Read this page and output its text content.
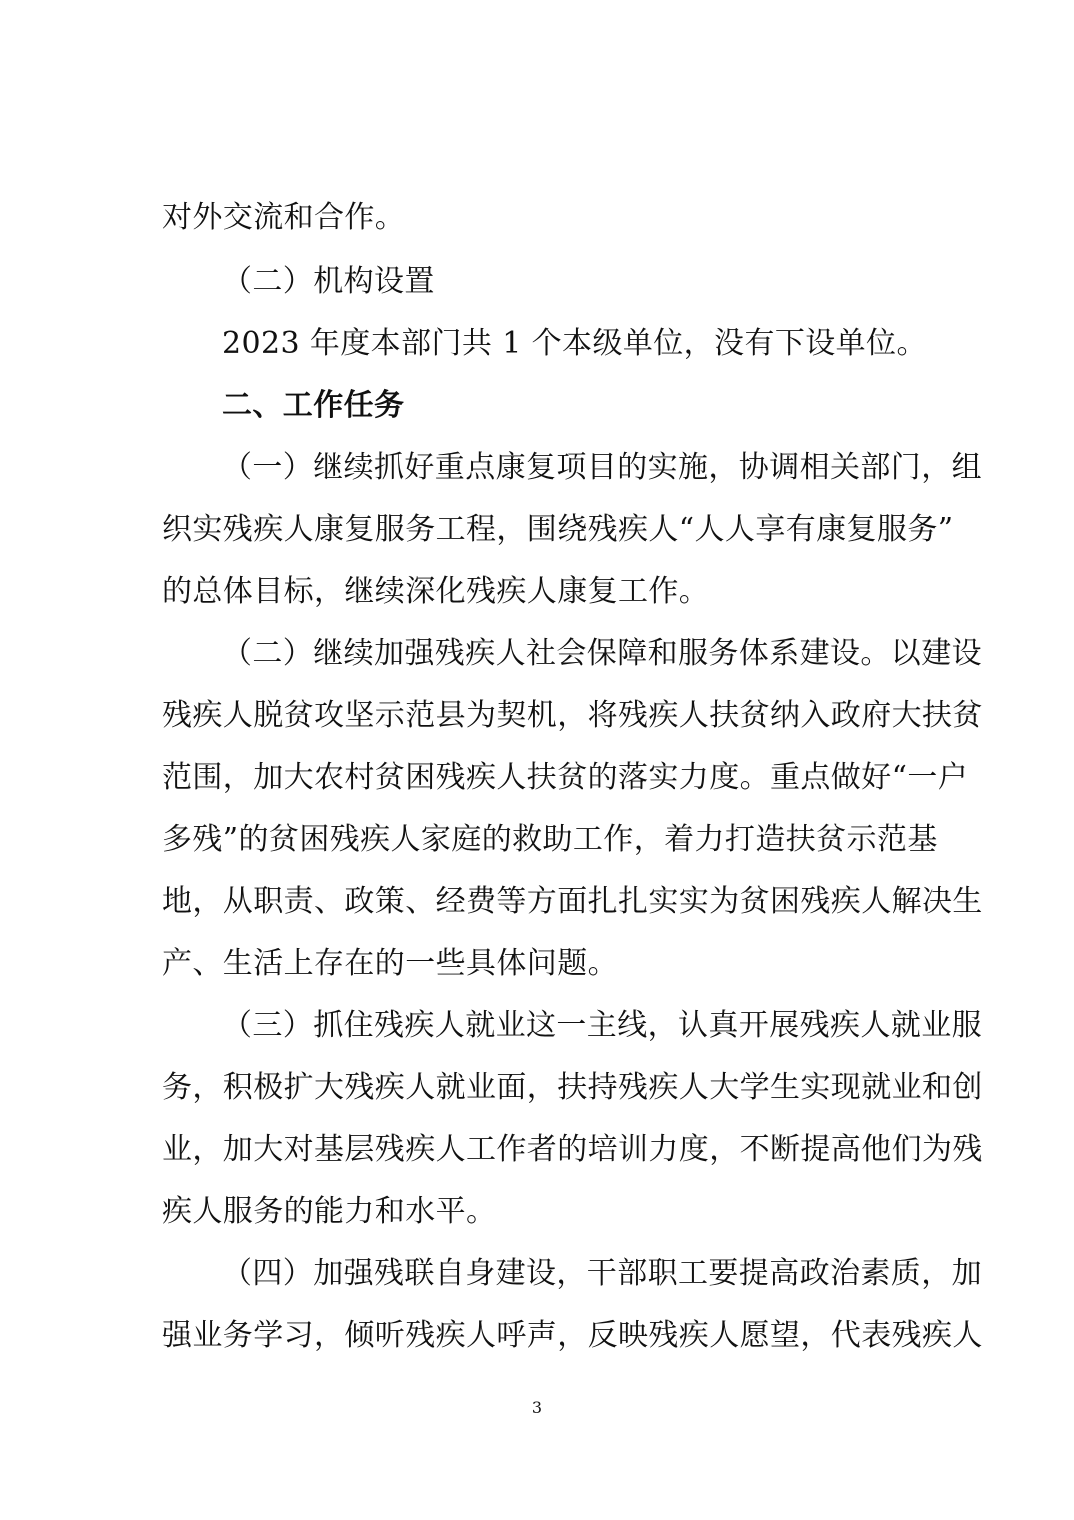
对外交流和合作。
（二）机构设置
2023 年度本部门共 1 个本级单位，没有下设单位。
二、工作任务
（一）继续抓好重点康复项目的实施，协调相关部门，组
织实残疾人康复服务工程，围绕残疾人“人人享有康复服务”
的总体目标，继续深化残疾人康复工作。
（二）继续加强残疾人社会保障和服务体系建设。以建设
残疾人脱贫攻坚示范县为契机，将残疾人扶贫纳入政府大扶贫
范围，加大农村贫困残疾人扶贫的落实力度。重点做好“一户
多残”的贫困残疾人家庭的救助工作，着力打造扶贫示范基
地，从职责、政策、经费等方面扎扎实实为贫困残疾人解决生
产、生活上存在的一些具体问题。
（三）抓住残疾人就业这一主线，认真开展残疾人就业服
务，积极扩大残疾人就业面，扶持残疾人大学生实现就业和创
业，加大对基层残疾人工作者的培训力度，不断提高他们为残
疾人服务的能力和水平。
（四）加强残联自身建设，干部职工要提高政治素质，加
强业务学习，倾听残疾人呼声，反映残疾人愿望，代表残疾人
3
